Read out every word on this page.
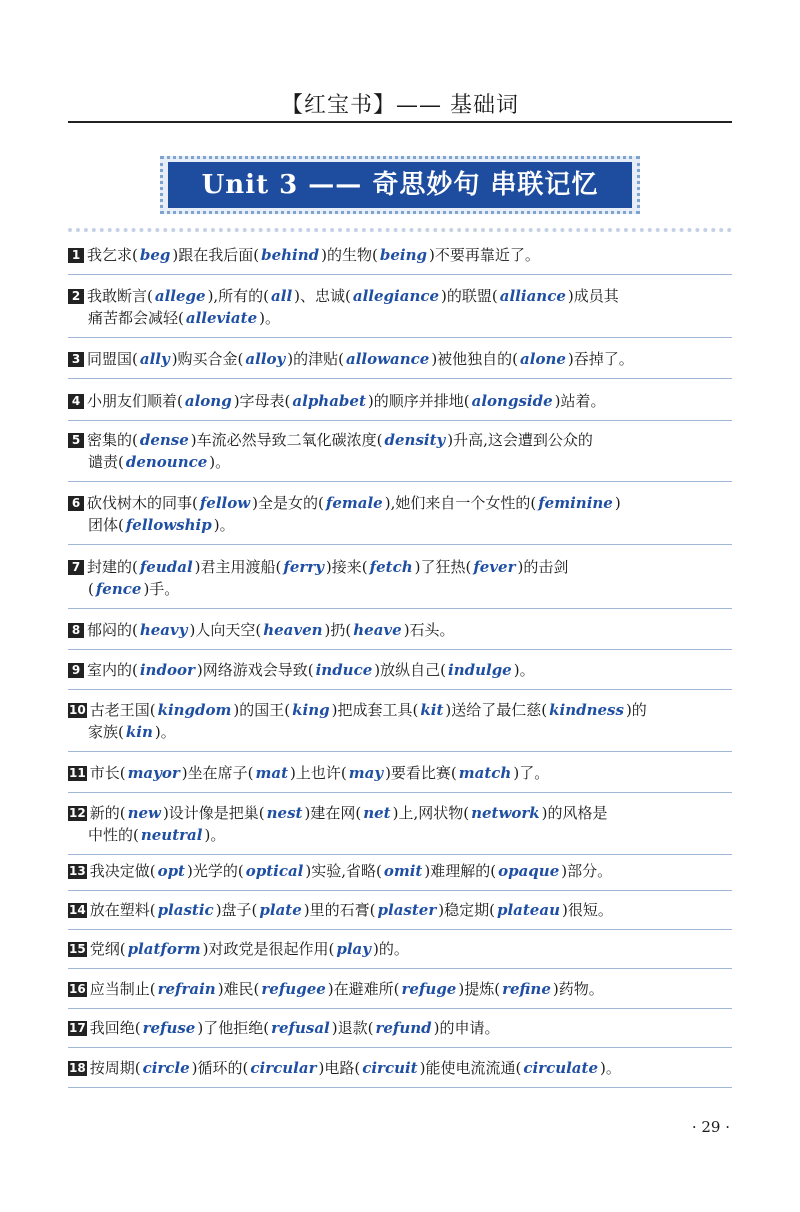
【红宝书】—— 基础词
Unit 3 —— 奇思妙句 串联记忆
1 我乞求( beg )跟在我后面( behind )的生物( being )不要再靠近了。
2 我敢断言( allege ),所有的( all )、忠诚( allegiance )的联盟( alliance )成员其
痛苦都会减轻( alleviate )。
3 同盟国( ally )购买合金( alloy )的津贴( allowance )被他独自的( alone )吞掉了。
4 小朋友们顺着( along )字母表( alphabet )的顺序并排地( alongside )站着。
5 密集的( dense )车流必然导致二氧化碳浓度( density )升高,这会遭到公众的
谴责( denounce )。
6 砍伐树木的同事( fellow )全是女的( female ),她们来自一个女性的( feminine )
团体( fellowship )。
7 封建的( feudal )君主用渡船( ferry )接来( fetch )了狂热( fever )的击剑
( fence )手。
8 郁闷的( heavy )人向天空( heaven )扔( heave )石头。
9 室内的( indoor )网络游戏会导致( induce )放纵自己( indulge )。
10 古老王国( kingdom )的国王( king )把成套工具( kit )送给了最仁慈( kindness )的
家族( kin )。
11 市长( mayor )坐在席子( mat )上也许( may )要看比赛( match )了。
12 新的( new )设计像是把巢( nest )建在网( net )上,网状物( network )的风格是
中性的( neutral )。
13 我决定做( opt )光学的( optical )实验,省略( omit )难理解的( opaque )部分。
14 放在塑料( plastic )盘子( plate )里的石膏( plaster )稳定期( plateau )很短。
15 党纲( platform )对政党是很起作用( play )的。
16 应当制止( refrain )难民( refugee )在避难所( refuge )提炼( refine )药物。
17 我回绝( refuse )了他拒绝( refusal )退款( refund )的申请。
18 按周期( circle )循环的( circular )电路( circuit )能使电流流通( circulate )。
· 29 ·
